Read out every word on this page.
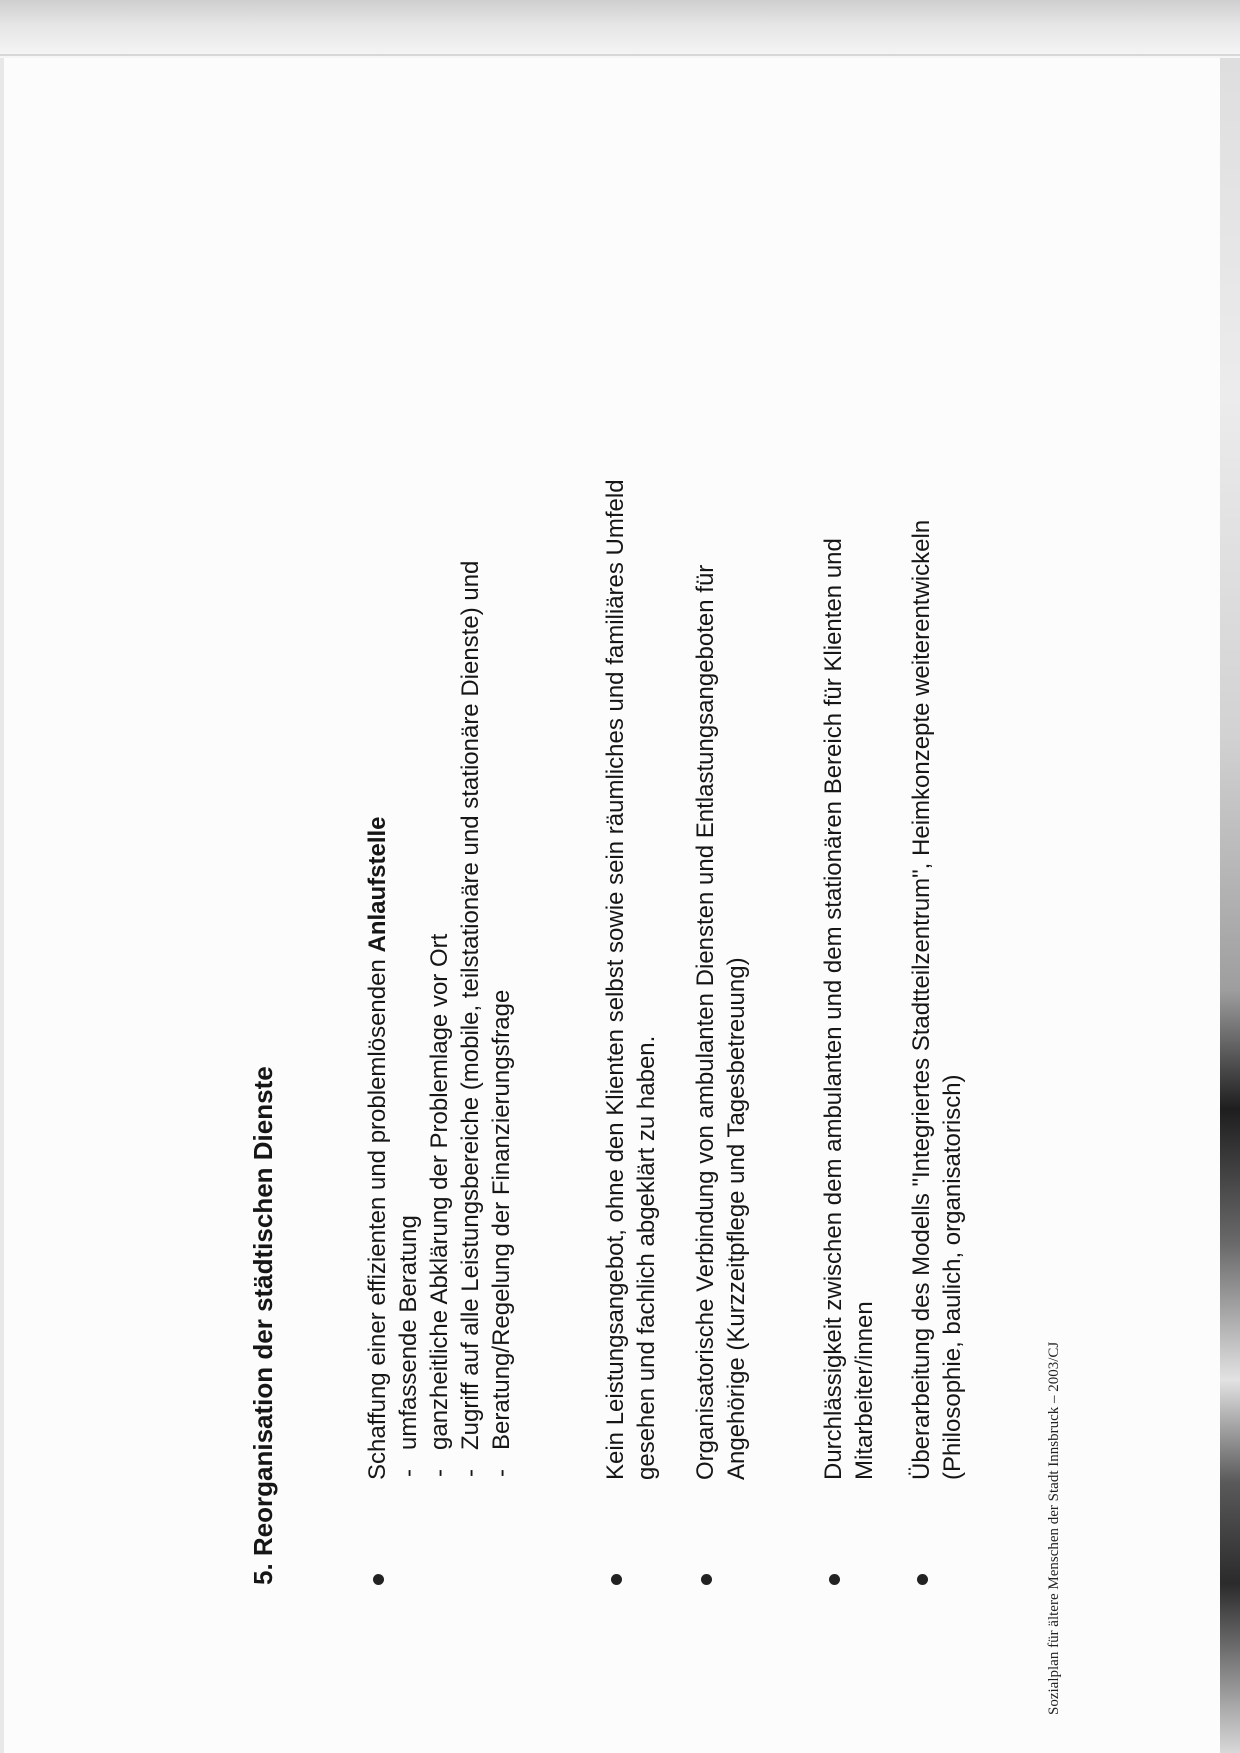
5. Reorganisation der städtischen Dienste	Schaffung einer effizienten und problemlösenden Anlaufstelle
-
umfassende Beratung
-
ganzheitliche Abklärung der Problemlage vor Ort
-
Zugriff auf alle Leistungsbereiche (mobile, teilstationäre und stationäre Dienste) und
-
Beratung/Regelung der Finanzierungsfrage	Kein Leistungsangebot, ohne den Klienten selbst sowie sein räumliches und familiäres Umfeld gesehen und fachlich abgeklärt zu haben. Organisatorische Verbindung von ambulanten Diensten und Entlastungsangeboten für Angehörige (Kurzzeitpflege und Tagesbetreuung)	Durchlässigkeit zwischen dem ambulanten und dem stationären Bereich für Klienten und Mitarbeiter/innen Überarbeitung des Modells "Integriertes Stadtteilzentrum", Heimkonzepte weiterentwickeln (Philosophie, baulich, organisatorisch)
Sozialplan für ältere Menschen der Stadt Innsbruck – 2003/CJ
